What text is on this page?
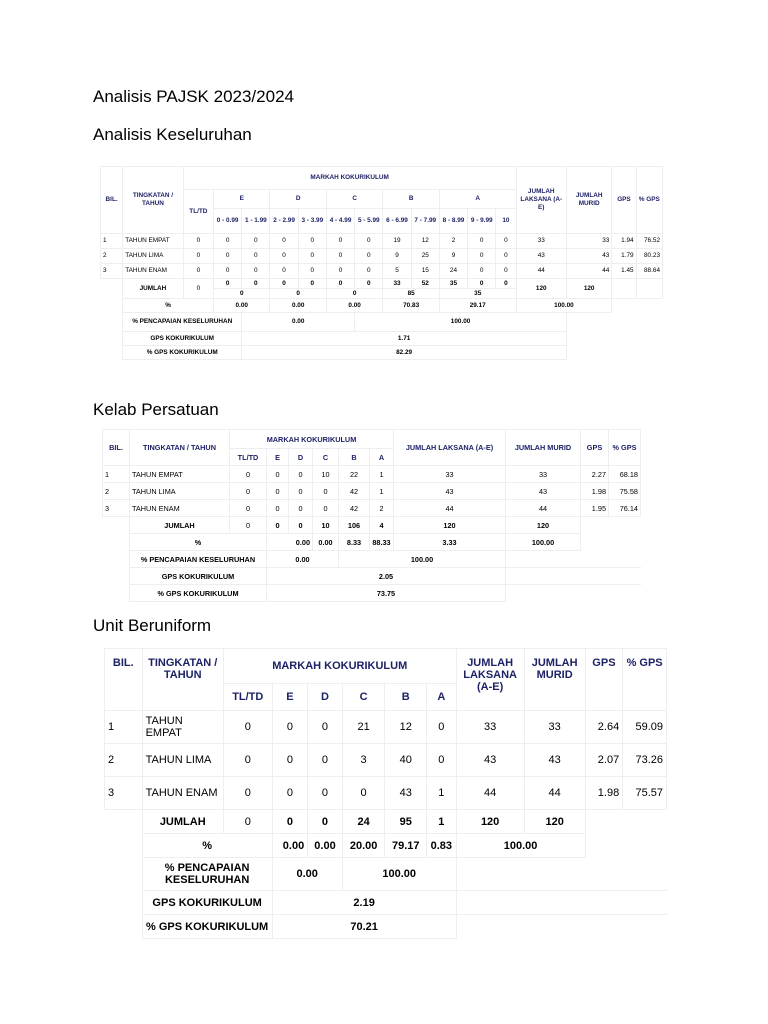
Analisis PAJSK 2023/2024
Analisis Keseluruhan
BIL.	TINGKATAN / TAHUN	MARKAH KOKURIKULUM												JUMLAH LAKSANA (A-E)	JUMLAH MURID	GPS	% GPS
		TL/TD	E		D		C		B		A						
			0 - 0.99	1 - 1.99	2 - 2.99	3 - 3.99	4 - 4.99	5 - 5.99	6 - 6.99	7 - 7.99	8 - 8.99	9 - 9.99	10				
1	TAHUN EMPAT	0	0	0	0	0	0	0	19	12	2	0	0	33	33	1.94	76.52
2	TAHUN LIMA	0	0	0	0	0	0	0	9	25	9	0	0	43	43	1.79	80.23
3	TAHUN ENAM	0	0	0	0	0	0	0	5	15	24	0	0	44	44	1.45	88.64
	JUMLAH	0	0	0	0	0	0	0	33	52	35	0	0	120	120		
			0		0		0		85		35						
	%		0.00		0.00		0.00		70.83		29.17			100.00			
	% PENCAPAIAN KESELURUHAN			0.00				100.00									
	GPS KOKURIKULUM			1.71													
	% GPS KOKURIKULUM			82.29													
Kelab Persatuan
BIL.	TINGKATAN / TAHUN	MARKAH KOKURIKULUM						JUMLAH LAKSANA (A-E)	JUMLAH MURID	GPS	% GPS
		TL/TD	E	D	C	B	A				
1	TAHUN EMPAT	0	0	0	10	22	1	33	33	2.27	68.18
2	TAHUN LIMA	0	0	0	0	42	1	43	43	1.98	75.58
3	TAHUN ENAM	0	0	0	0	42	2	44	44	1.95	76.14
	JUMLAH	0	0	0	10	106	4	120	120		
	%		0.00		0.00	8.33	88.33	3.33	100.00		
	% PENCAPAIAN KESELURUHAN		0.00			100.00					
	GPS KOKURIKULUM		2.05								
	% GPS KOKURIKULUM		73.75								
Unit Beruniform
BIL.	TINGKATAN / TAHUN	MARKAH KOKURIKULUM						JUMLAH LAKSANA (A-E)	JUMLAH MURID	GPS	% GPS
		TL/TD	E	D	C	B	A				
1	TAHUN EMPAT	0	0	0	21	12	0	33	33	2.64	59.09
2	TAHUN LIMA	0	0	0	3	40	0	43	43	2.07	73.26
3	TAHUN ENAM	0	0	0	0	43	1	44	44	1.98	75.57
	JUMLAH	0	0	0	24	95	1	120	120		
	%		0.00	0.00	20.00	79.17	0.83	100.00			
	% PENCAPAIAN KESELURUHAN		0.00		100.00						
	GPS KOKURIKULUM		2.19								
	% GPS KOKURIKULUM		70.21								
